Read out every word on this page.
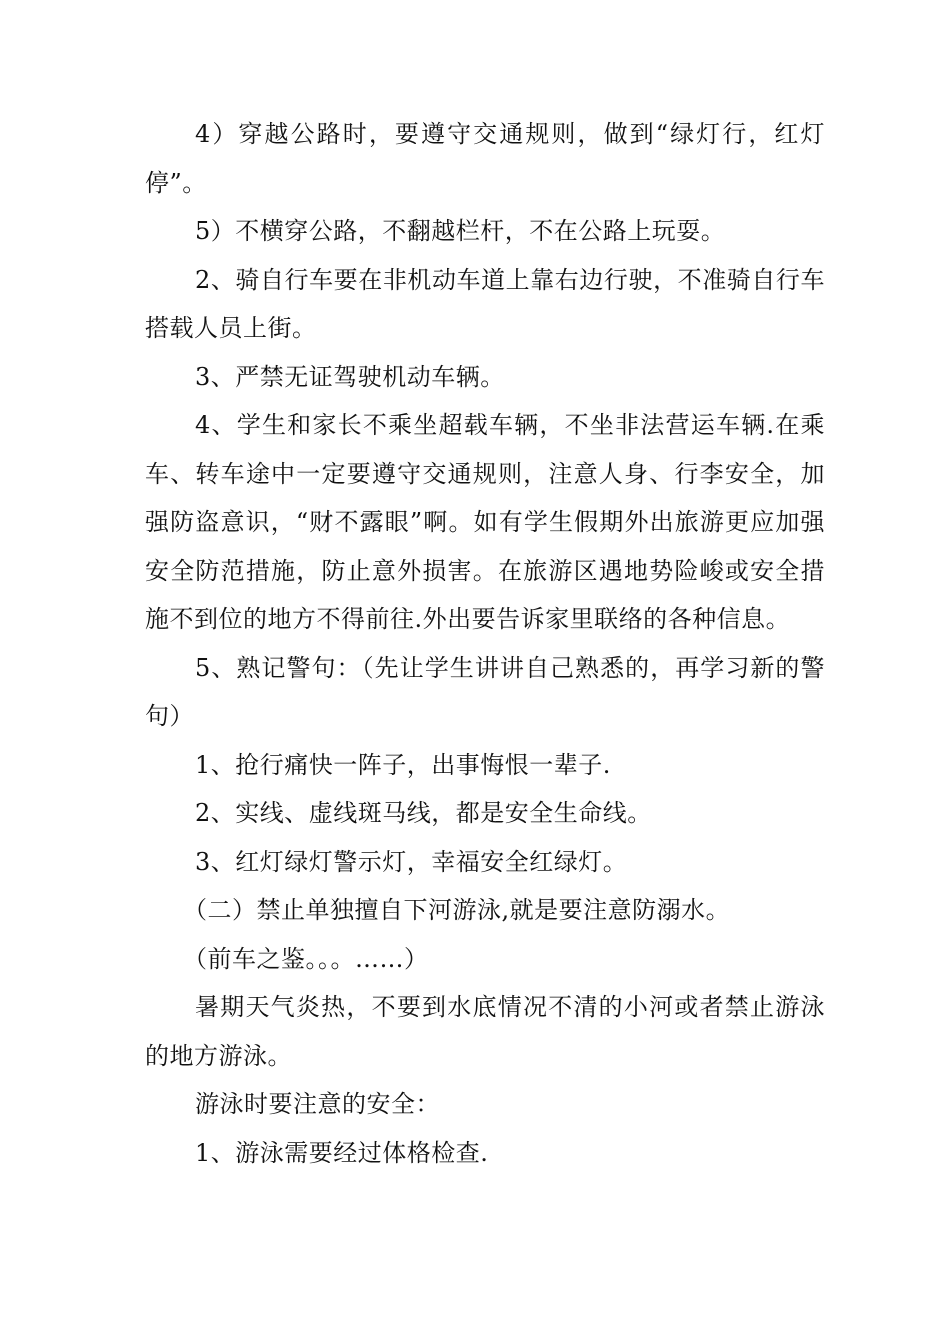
4）穿越公路时，要遵守交通规则，做到“绿灯行，红灯停”。

5）不横穿公路，不翻越栏杆，不在公路上玩耍。

2、骑自行车要在非机动车道上靠右边行驶，不准骑自行车搭载人员上街。

3、严禁无证驾驶机动车辆。

4、学生和家长不乘坐超载车辆，不坐非法营运车辆.在乘车、转车途中一定要遵守交通规则，注意人身、行李安全，加强防盗意识，“财不露眼”啊。如有学生假期外出旅游更应加强安全防范措施，防止意外损害。在旅游区遇地势险峻或安全措施不到位的地方不得前往.外出要告诉家里联络的各种信息。

5、熟记警句：（先让学生讲讲自己熟悉的，再学习新的警句）

1、抢行痛快一阵子，出事悔恨一辈子.

2、实线、虚线斑马线，都是安全生命线。

3、红灯绿灯警示灯，幸福安全红绿灯。

（二）禁止单独擅自下河游泳,就是要注意防溺水。

（前车之鉴。。。……）

暑期天气炎热，不要到水底情况不清的小河或者禁止游泳的地方游泳。

游泳时要注意的安全：

1、游泳需要经过体格检查.
